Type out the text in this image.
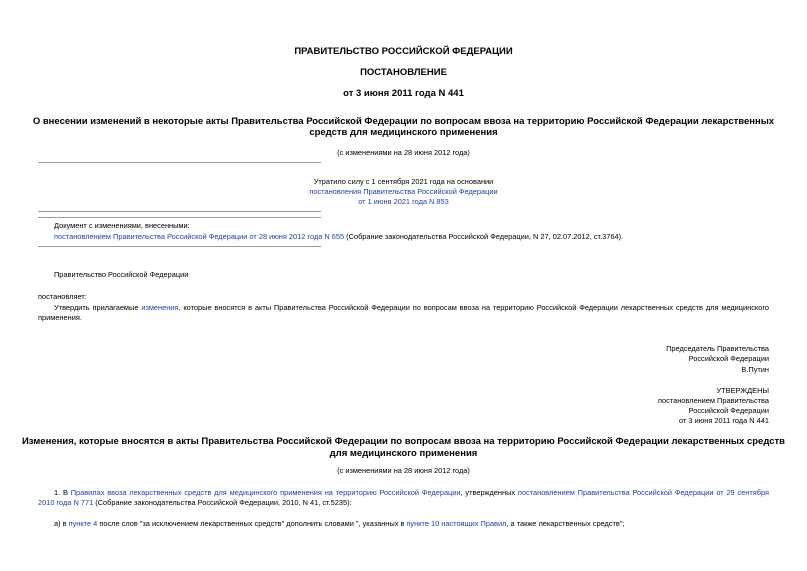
ПРАВИТЕЛЬСТВО РОССИЙСКОЙ ФЕДЕРАЦИИ
ПОСТАНОВЛЕНИЕ
от 3 июня 2011 года N 441
О внесении изменений в некоторые акты Правительства Российской Федерации по вопросам ввоза на территорию Российской Федерации лекарственных
средств для медицинского применения
(с изменениями на 28 июня 2012 года)
Утратило силу с 1 сентября 2021 года на основании
постановления Правительства Российской Федерации
от 1 июня 2021 года N 853
Документ с изменениями, внесенными:
постановлением Правительства Российской Федерации от 28 июня 2012 года N 655 (Собрание законодательства Российской Федерации, N 27, 02.07.2012, ст.3764).
Правительство Российской Федерации
постановляет:
Утвердить прилагаемые изменения, которые вносятся в акты Правительства Российской Федерации по вопросам ввоза на территорию Российской Федерации лекарственных средств для медицинского применения.
Председатель Правительства
Российской Федерации
В.Путин
УТВЕРЖДЕНЫ
постановлением Правительства
Российской Федерации
от 3 июня 2011 года N 441
Изменения, которые вносятся в акты Правительства Российской Федерации по вопросам ввоза на территорию Российской Федерации лекарственных средств
для медицинского применения
(с изменениями на 28 июня 2012 года)
1. В Правилах ввоза лекарственных средств для медицинского применения на территорию Российской Федерации, утвержденных постановлением Правительства Российской Федерации от 29 сентября 2010 года N 771 (Собрание законодательства Российской Федерации, 2010, N 41, ст.5235):
а) в пункте 4 после слов "за исключением лекарственных средств" дополнить словами ", указанных в пункте 10 настоящих Правил, а также лекарственных средств";
